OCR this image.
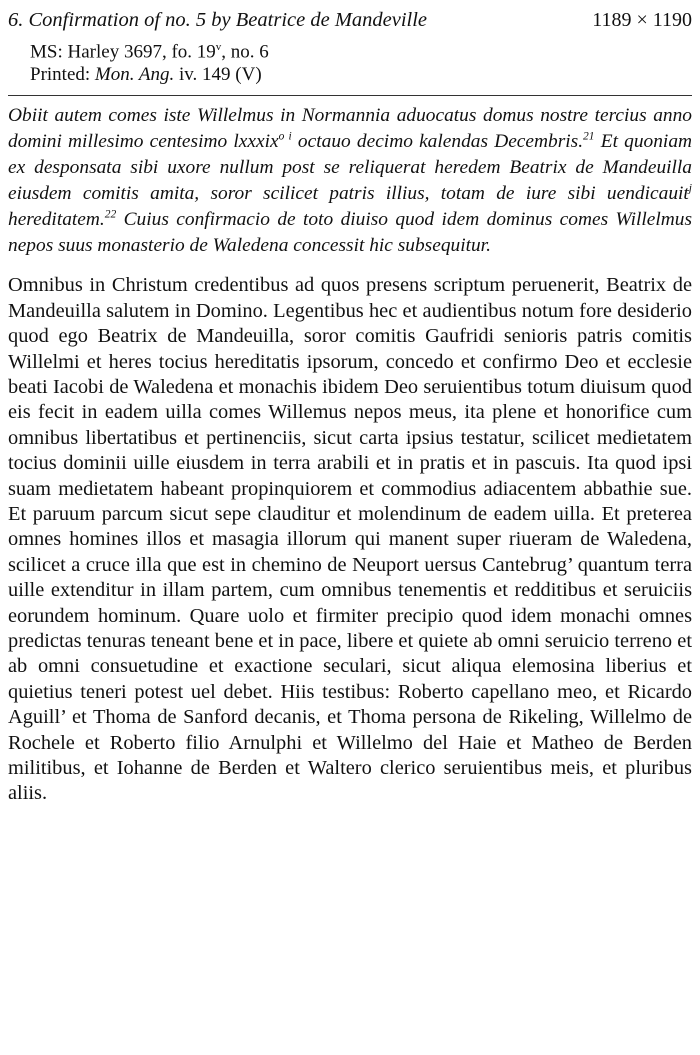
6. Confirmation of no. 5 by Beatrice de Mandeville	1189 × 1190
MS: Harley 3697, fo. 19$^v$, no. 6
Printed: Mon. Ang. iv. 149 (V)

Obiit autem comes iste Willelmus in Normannia aduocatus domus nostre tercius anno domini millesimo centesimo lxxxix$^{o i}$ octauo decimo kalendas Decembris.$^{21}$ Et quoniam ex desponsata sibi uxore nullum post se reliquerat heredem Beatrix de Mandeuilla eiusdem comitis amita, soror scilicet patris illius, totam de iure sibi uendicauit$^j$ hereditatem.$^{22}$ Cuius confirmacio de toto diuiso quod idem dominus comes Willelmus nepos suus monasterio de Waledena concessit hic subsequitur.

Omnibus in Christum credentibus ad quos presens scriptum peruenerit, Beatrix de Mandeuilla salutem in Domino. Legentibus hec et audientibus notum fore desiderio quod ego Beatrix de Mandeuilla, soror comitis Gaufridi senioris patris comitis Willelmi et heres tocius hereditatis ipsorum, concedo et confirmo Deo et ecclesie beati Iacobi de Waledena et monachis ibidem Deo seruientibus totum diuisum quod eis fecit in eadem uilla comes Willemus nepos meus, ita plene et honorifice cum omnibus libertatibus et pertinenciis, sicut carta ipsius testatur, scilicet medietatem tocius dominii uille eiusdem in terra arabili et in pratis et in pascuis. Ita quod ipsi suam medietatem habeant propinquiorem et commodius adiacentem abbathie sue. Et paruum parcum sicut sepe clauditur et molendinum de eadem uilla. Et preterea omnes homines illos et masagia illorum qui manent super riueram de Waledena, scilicet a cruce illa que est in chemino de Neuport uersus Cantebrug’ quantum terra uille extenditur in illam partem, cum omnibus tenementis et redditibus et seruiciis eorundem hominum. Quare uolo et firmiter precipio quod idem monachi omnes predictas tenuras teneant bene et in pace, libere et quiete ab omni seruicio terreno et ab omni consuetudine et exactione seculari, sicut aliqua elemosina liberius et quietius teneri potest uel debet. Hiis testibus: Roberto capellano meo, et Ricardo Aguill’ et Thoma de Sanford decanis, et Thoma persona de Rikeling, Willelmo de Rochele et Roberto filio Arnulphi et Willelmo del Haie et Matheo de Berden militibus, et Iohanne de Berden et Waltero clerico seruientibus meis, et pluribus aliis.
